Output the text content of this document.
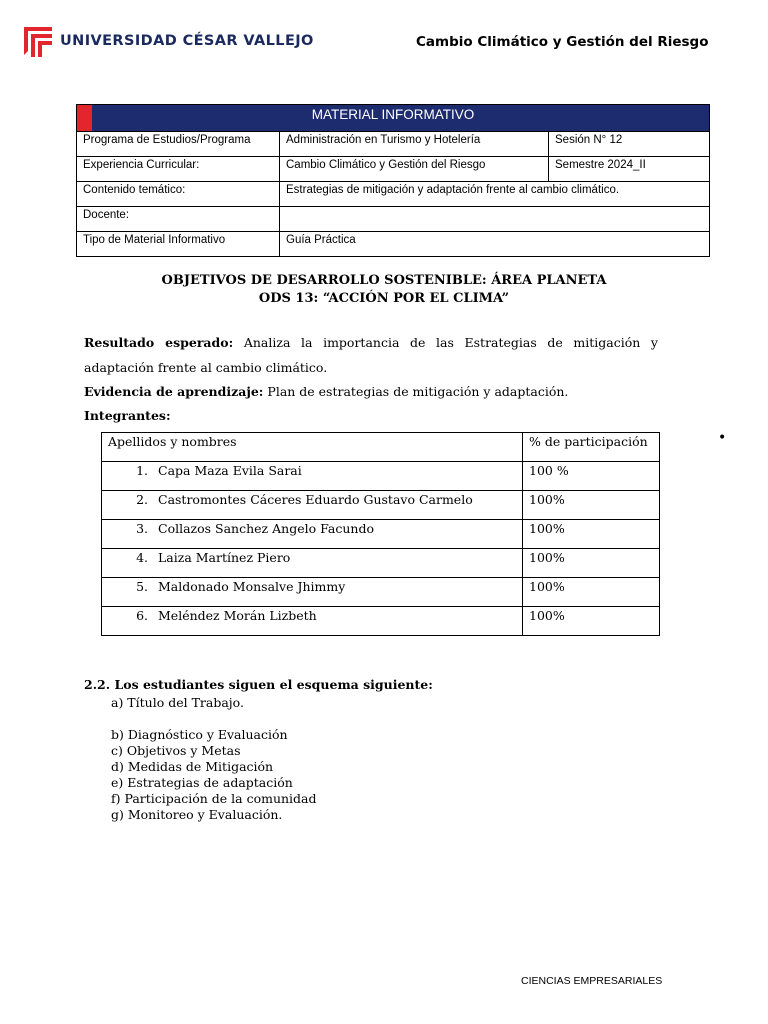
UNIVERSIDAD CÉSAR VALLEJO	Cambio Climático y Gestión del Riesgo
MATERIAL INFORMATIVO		
Programa de Estudios/Programa	Administración en Turismo y Hotelería	Sesión N° 12
Experiencia Curricular:	Cambio Climático y Gestión del Riesgo	Semestre 2024_II
Contenido temático:	Estrategias de mitigación y adaptación frente al cambio climático.	
Docente:		
Tipo de Material Informativo	Guía Práctica	
OBJETIVOS DE DESARROLLO SOSTENIBLE: ÁREA PLANETA
ODS 13: “ACCIÓN POR EL CLIMA”
Resultado esperado: Analiza la importancia de las Estrategias de mitigación y adaptación frente al cambio climático.
Evidencia de aprendizaje: Plan de estrategias de mitigación y adaptación.
Integrantes:
Apellidos y nombres	% de participación
1. Capa Maza Evila Sarai	100 %
2. Castromontes Cáceres Eduardo Gustavo Carmelo	100%
3. Collazos Sanchez Angelo Facundo	100%
4. Laiza Martínez Piero	100%
5. Maldonado Monsalve Jhimmy	100%
6. Meléndez Morán Lizbeth	100%
•
2.2. Los estudiantes siguen el esquema siguiente:
a) Título del Trabajo.
b) Diagnóstico y Evaluación
c) Objetivos y Metas
d) Medidas de Mitigación
e) Estrategias de adaptación
f) Participación de la comunidad
g) Monitoreo y Evaluación.
CIENCIAS EMPRESARIALES
